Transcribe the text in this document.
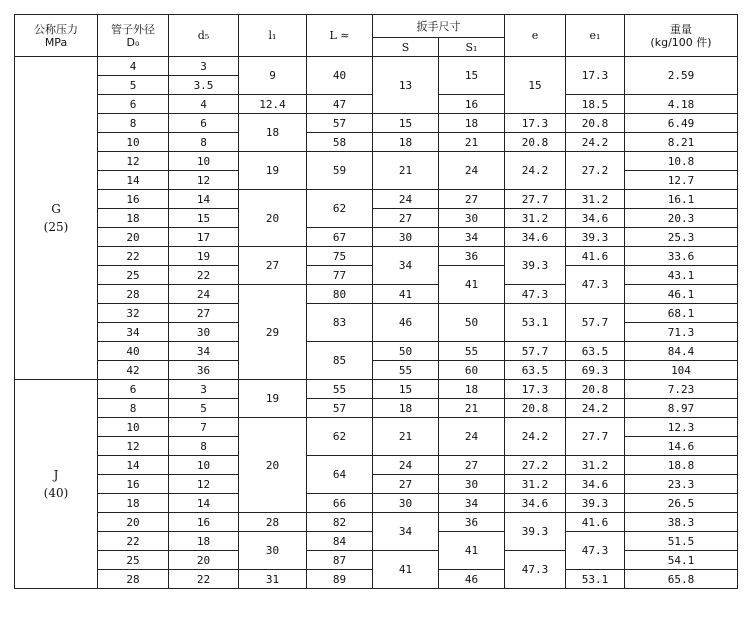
公称压力
MPa	管子外径
D₀	d₅	l₁	L ≈	扳手尺寸		e	e₁	重量
(kg/100 件)

					S	S₁			

G
(25)	4	3	9	40	13	15	15	17.3	2.59
	5	3.5							
	6	4	12.4	47		16		18.5	4.18
	8	6	18	57	15	18	17.3	20.8	6.49
	10	8		58	18	21	20.8	24.2	8.21
	12	10	19	59	21	24	24.2	27.2	10.8
	14	12							12.7
	16	14	20	62	24	27	27.7	31.2	16.1
	18	15			27	30	31.2	34.6	20.3
	20	17		67	30	34	34.6	39.3	25.3
	22	19	27	75	34	36	39.3	41.6	33.6
	25	22		77		41		47.3	43.1
	28	24	29	80	41		47.3		46.1
	32	27		83	46	50	53.1	57.7	68.1
	34	30							71.3
	40	34		85	50	55	57.7	63.5	84.4
	42	36			55	60	63.5	69.3	104

J
(40)	6	3	19	55	15	18	17.3	20.8	7.23
	8	5		57	18	21	20.8	24.2	8.97
	10	7	20	62	21	24	24.2	27.7	12.3
	12	8							14.6
	14	10		64	24	27	27.2	31.2	18.8
	16	12			27	30	31.2	34.6	23.3
	18	14		66	30	34	34.6	39.3	26.5
	20	16	28	82	34	36	39.3	41.6	38.3
	22	18	30	84		41		47.3	51.5
	25	20		87	41		47.3		54.1
	28	22	31	89		46		53.1	65.8
